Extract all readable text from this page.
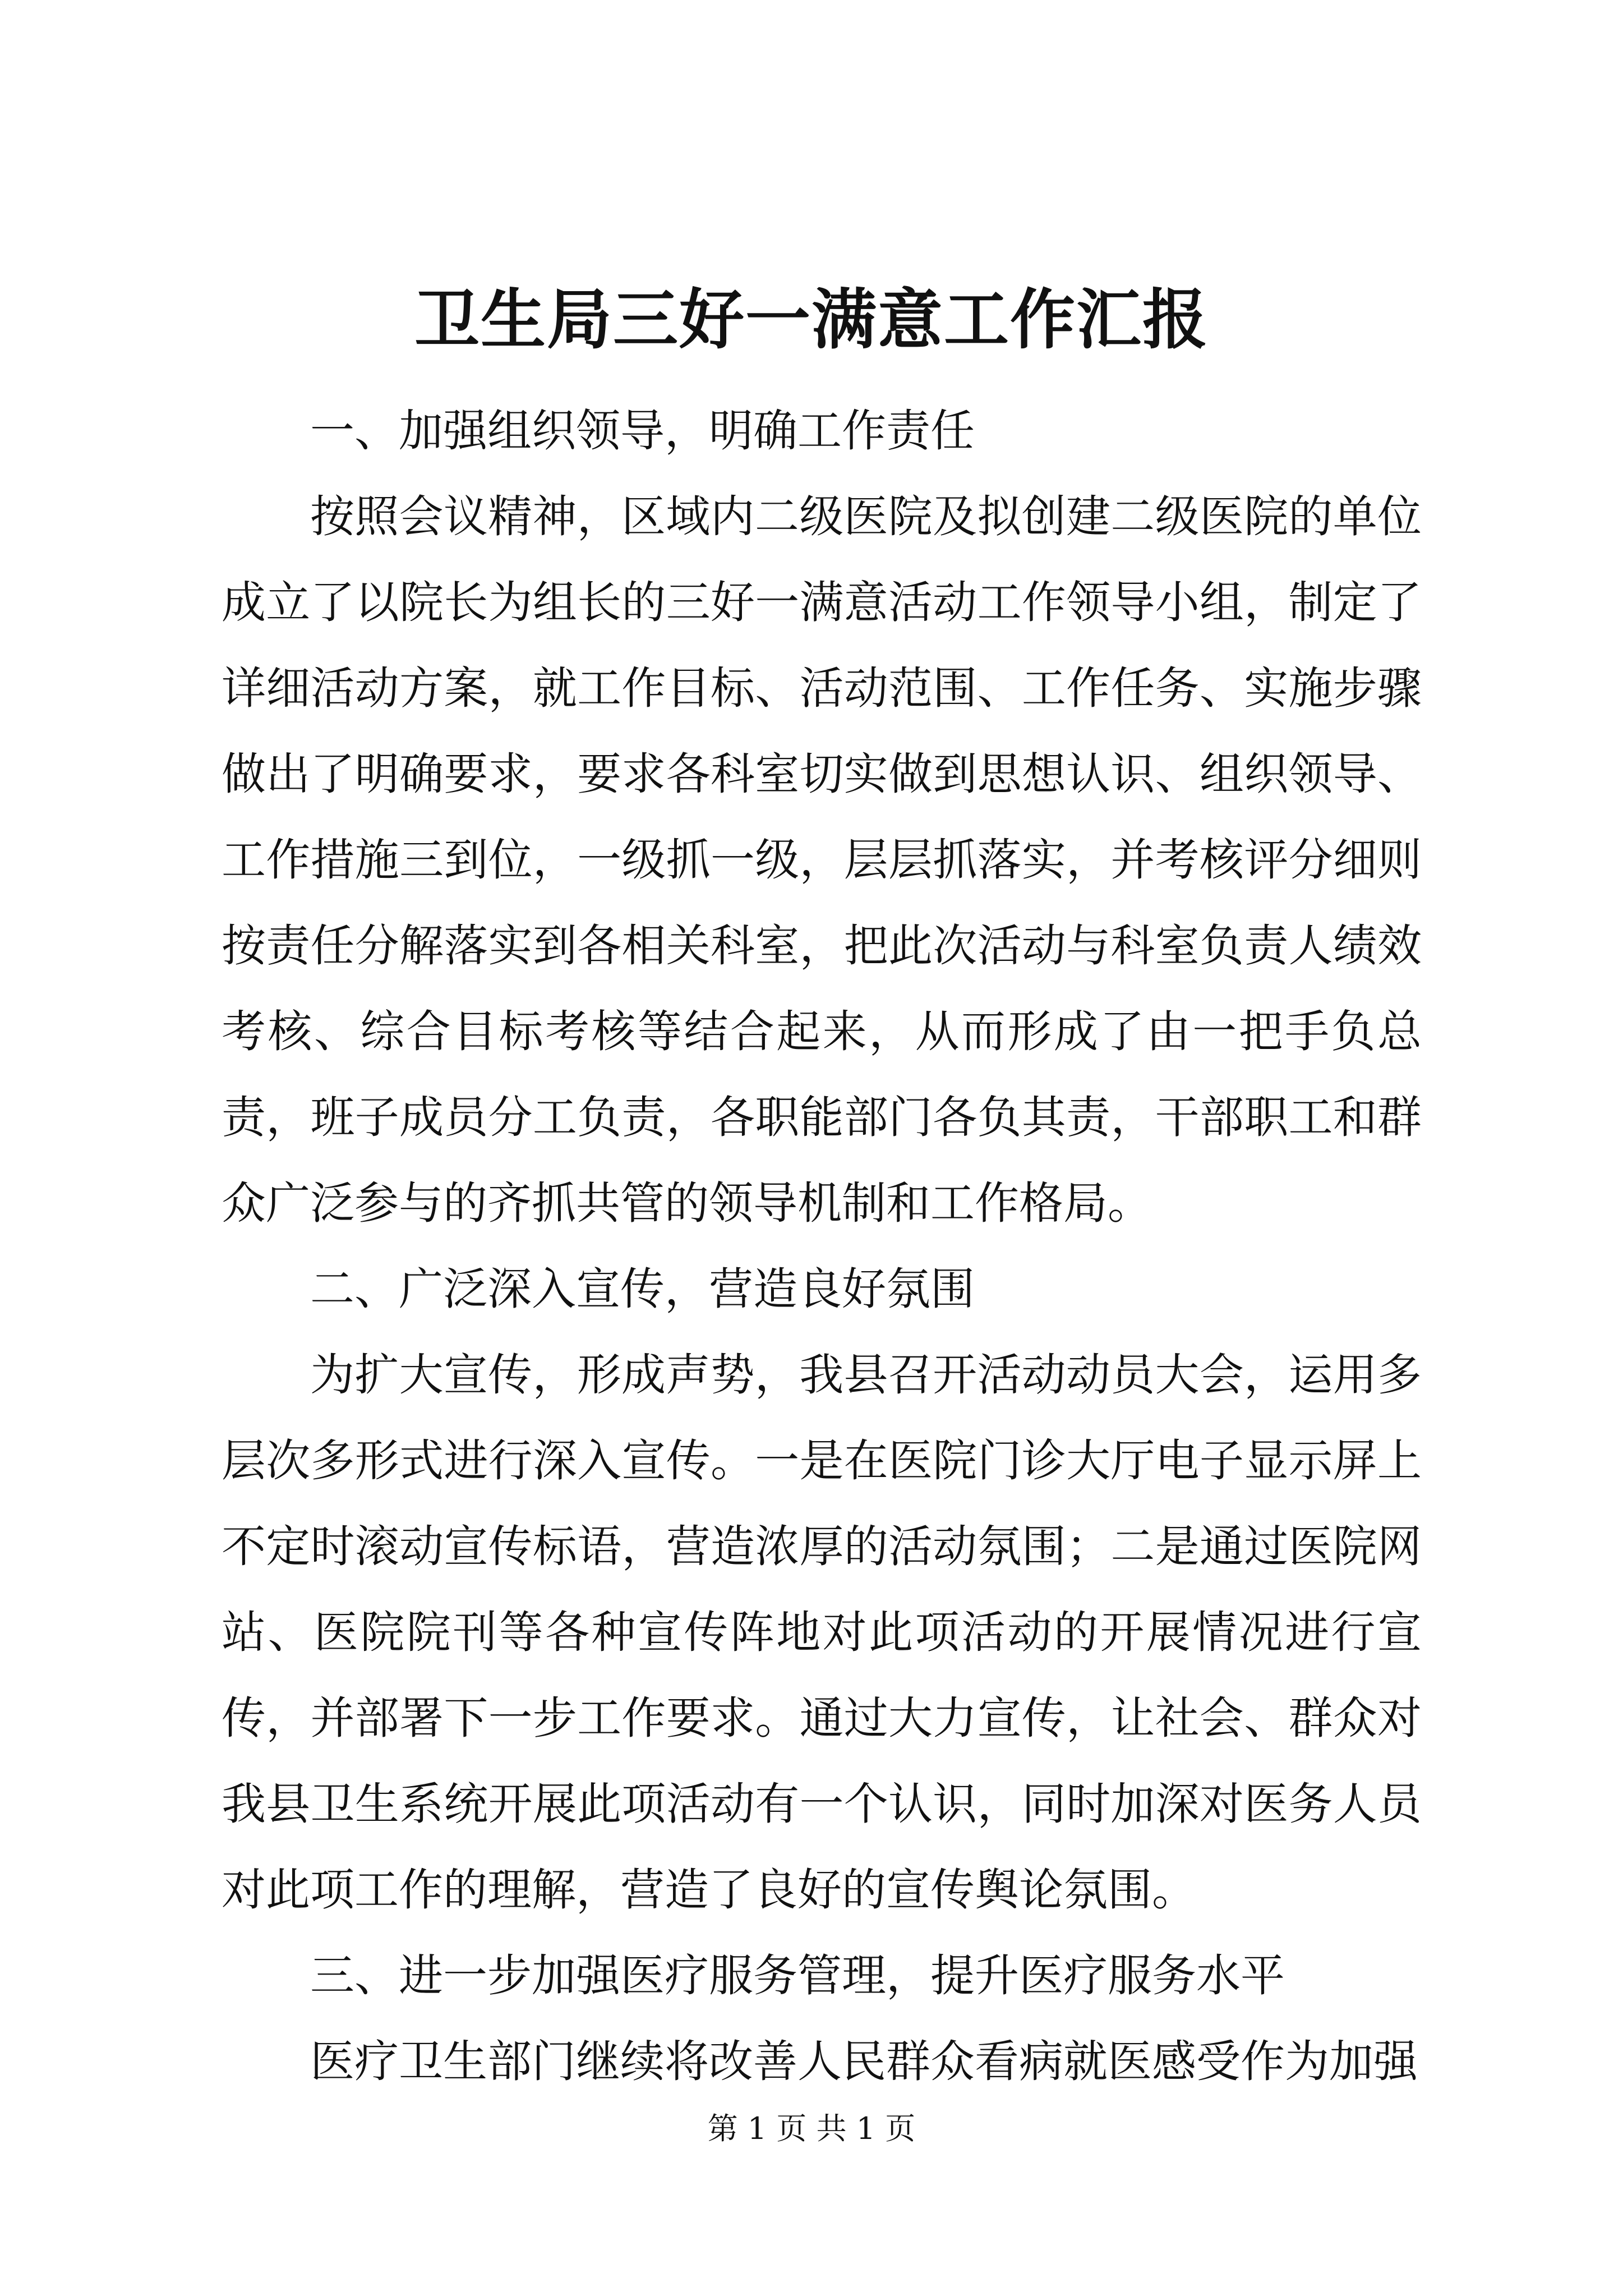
卫生局三好一满意工作汇报

一、加强组织领导，明确工作责任

按照会议精神，区域内二级医院及拟创建二级医院的单位成立了以院长为组长的三好一满意活动工作领导小组，制定了详细活动方案，就工作目标、活动范围、工作任务、实施步骤做出了明确要求，要求各科室切实做到思想认识、组织领导、工作措施三到位，一级抓一级，层层抓落实，并考核评分细则按责任分解落实到各相关科室，把此次活动与科室负责人绩效考核、综合目标考核等结合起来，从而形成了由一把手负总责，班子成员分工负责，各职能部门各负其责，干部职工和群众广泛参与的齐抓共管的领导机制和工作格局。

二、广泛深入宣传，营造良好氛围

为扩大宣传，形成声势，我县召开活动动员大会，运用多层次多形式进行深入宣传。一是在医院门诊大厅电子显示屏上不定时滚动宣传标语，营造浓厚的活动氛围；二是通过医院网站、医院院刊等各种宣传阵地对此项活动的开展情况进行宣传，并部署下一步工作要求。通过大力宣传，让社会、群众对我县卫生系统开展此项活动有一个认识，同时加深对医务人员对此项工作的理解，营造了良好的宣传舆论氛围。

三、进一步加强医疗服务管理，提升医疗服务水平

医疗卫生部门继续将改善人民群众看病就医感受作为加强

第 1 页 共 1 页
